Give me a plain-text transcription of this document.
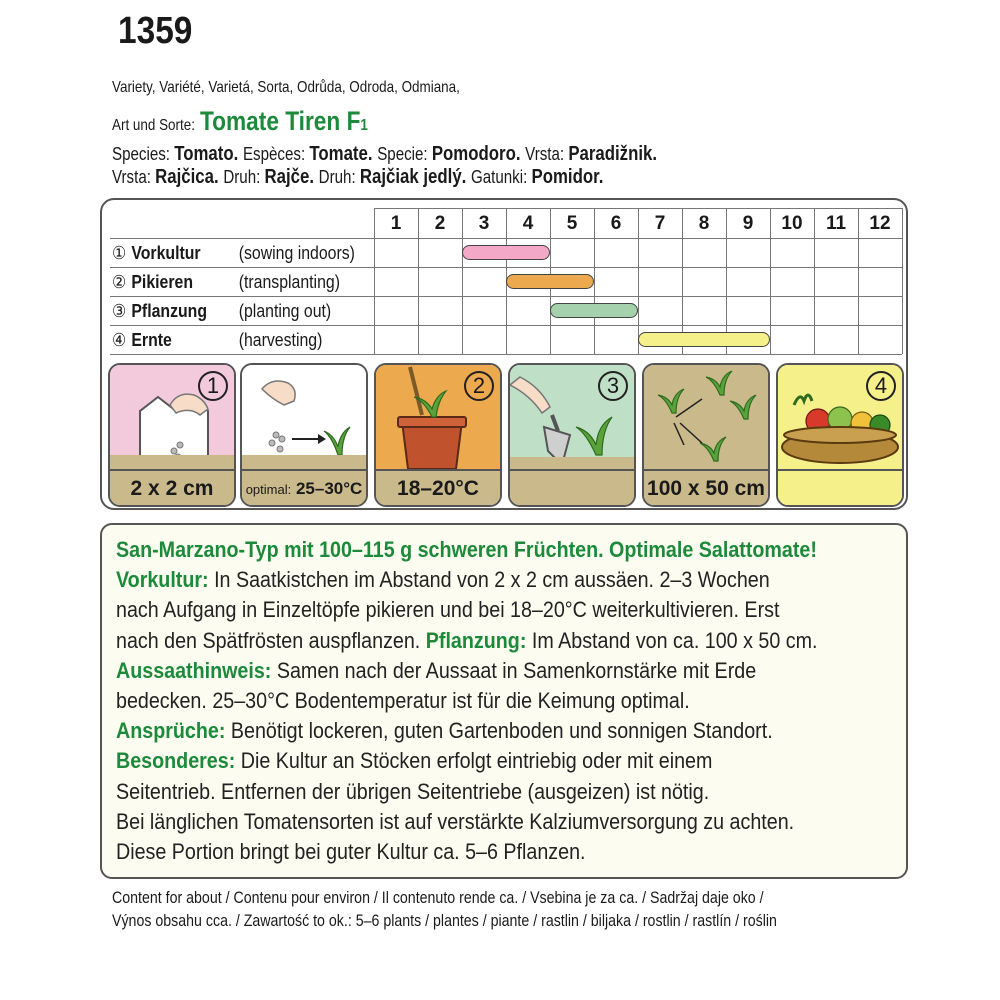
1359
Variety, Variété, Varietá, Sorta, Odrůda, Odroda, Odmiana,
Art und Sorte: Tomate Tiren F1
Species: Tomato. Espèces: Tomate. Specie: Pomodoro. Vrsta: Paradižnik.
Vrsta: Rajčica. Druh: Rajče. Druh: Rajčiak jedlý. Gatunki: Pomidor.
1	2	3	4	5	6	7	8	9	10	11	12
① Vorkultur (sowing indoors)
② Pikieren	(transplanting)
③ Pflanzung (planting out)
④ Ernte	(harvesting)
1
2 x 2 cm	optimal: 25–30°C
2
18–20°C
3
100 x 50 cm
4
San-Marzano-Typ mit 100–115 g schweren Früchten. Optimale Salattomate!
Vorkultur: In Saatkistchen im Abstand von 2 x 2 cm aussäen. 2–3 Wochen
nach Aufgang in Einzeltöpfe pikieren und bei 18–20°C weiterkultivieren. Erst
nach den Spätfrösten auspflanzen. Pflanzung: Im Abstand von ca. 100 x 50 cm.
Aussaathinweis: Samen nach der Aussaat in Samenkornstärke mit Erde
bedecken. 25–30°C Bodentemperatur ist für die Keimung optimal.
Ansprüche: Benötigt lockeren, guten Gartenboden und sonnigen Standort.
Besonderes: Die Kultur an Stöcken erfolgt eintriebig oder mit einem
Seitentrieb. Entfernen der übrigen Seitentriebe (ausgeizen) ist nötig.
Bei länglichen Tomatensorten ist auf verstärkte Kalziumversorgung zu achten.
Diese Portion bringt bei guter Kultur ca. 5–6 Pflanzen.
Content for about / Contenu pour environ / Il contenuto rende ca. / Vsebina je za ca. / Sadržaj daje oko /
Výnos obsahu cca. / Zawartość to ok.: 5–6 plants / plantes / piante / rastlin / biljaka / rostlin / rastlín / roślin
